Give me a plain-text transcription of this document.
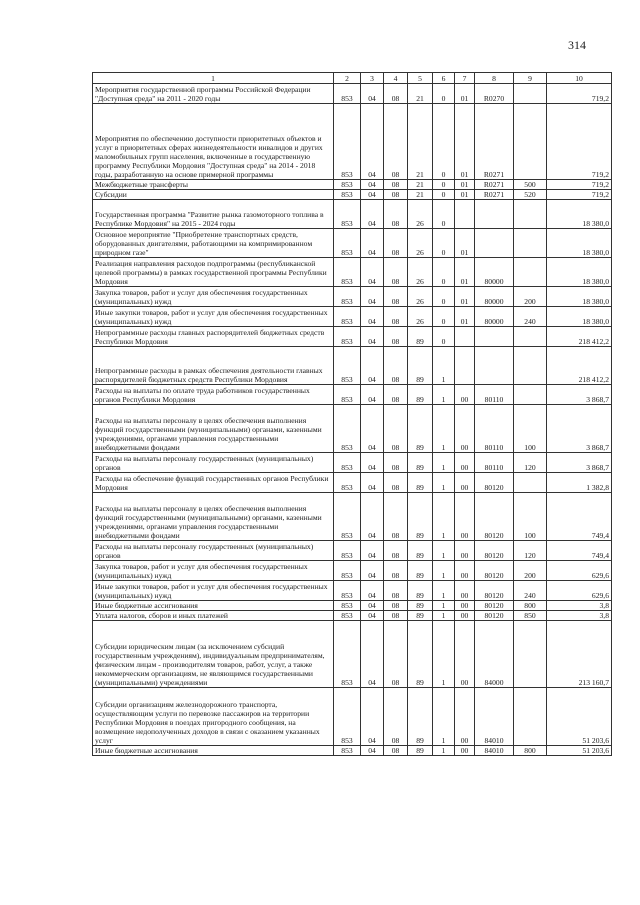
314
1	2	3	4	5	6	7	8	9	10
Мероприятия государственной программы Российской Федерации "Доступная среда" на 2011 - 2020 годы	853	04	08	21	0	01	R0270		719,2
Мероприятия по обеспечению доступности приоритетных объектов и услуг в приоритетных сферах жизнедеятельности инвалидов и других маломобильных групп населения, включенные в государственную программу Республики Мордовия "Доступная среда" на 2014 - 2018 годы, разработанную на основе примерной программы	853	04	08	21	0	01	R0271		719,2
Межбюджетные трансферты	853	04	08	21	0	01	R0271	500	719,2
Субсидии	853	04	08	21	0	01	R0271	520	719,2
Государственная программа "Развитие рынка газомоторного топлива в Республике Мордовия" на 2015 - 2024 годы	853	04	08	26	0				18 380,0
Основное мероприятие "Приобретение транспортных средств, оборудованных двигателями, работающими на компримированном природном газе"	853	04	08	26	0	01			18 380,0
Реализация направления расходов подпрограммы (республиканской целевой программы) в рамках государственной программы Республики Мордовия	853	04	08	26	0	01	80000		18 380,0
Закупка товаров, работ и услуг для обеспечения государственных (муниципальных) нужд	853	04	08	26	0	01	80000	200	18 380,0
Иные закупки товаров, работ и услуг для обеспечения государственных (муниципальных) нужд	853	04	08	26	0	01	80000	240	18 380,0
Непрограммные расходы главных распорядителей бюджетных средств Республики Мордовия	853	04	08	89	0				218 412,2
Непрограммные расходы в рамках обеспечения деятельности главных распорядителей бюджетных средств Республики Мордовия	853	04	08	89	1				218 412,2
Расходы на выплаты по оплате труда работников государственных органов Республики Мордовия	853	04	08	89	1	00	80110		3 868,7
Расходы на выплаты персоналу в целях обеспечения выполнения функций государственными (муниципальными) органами, казенными учреждениями, органами управления государственными внебюджетными фондами	853	04	08	89	1	00	80110	100	3 868,7
Расходы на выплаты персоналу государственных (муниципальных) органов	853	04	08	89	1	00	80110	120	3 868,7
Расходы на обеспечение функций государственных органов Республики Мордовия	853	04	08	89	1	00	80120		1 382,8
Расходы на выплаты персоналу в целях обеспечения выполнения функций государственными (муниципальными) органами, казенными учреждениями, органами управления государственными внебюджетными фондами	853	04	08	89	1	00	80120	100	749,4
Расходы на выплаты персоналу государственных (муниципальных) органов	853	04	08	89	1	00	80120	120	749,4
Закупка товаров, работ и услуг для обеспечения государственных (муниципальных) нужд	853	04	08	89	1	00	80120	200	629,6
Иные закупки товаров, работ и услуг для обеспечения государственных (муниципальных) нужд	853	04	08	89	1	00	80120	240	629,6
Иные бюджетные ассигнования	853	04	08	89	1	00	80120	800	3,8
Уплата налогов, сборов и иных платежей	853	04	08	89	1	00	80120	850	3,8
Субсидии юридическим лицам (за исключением субсидий государственным учреждениям), индивидуальным предпринимателям, физическим лицам - производителям товаров, работ, услуг, а также некоммерческим организациям, не являющимся государственными (муниципальными) учреждениями	853	04	08	89	1	00	84000		213 160,7
Субсидии организациям железнодорожного транспорта, осуществляющим услуги по перевозке пассажиров на территории Республики Мордовия в поездах пригородного сообщения, на возмещение недополученных доходов в связи с оказанием указанных услуг	853	04	08	89	1	00	84010		51 203,6
Иные бюджетные ассигнования	853	04	08	89	1	00	84010	800	51 203,6
